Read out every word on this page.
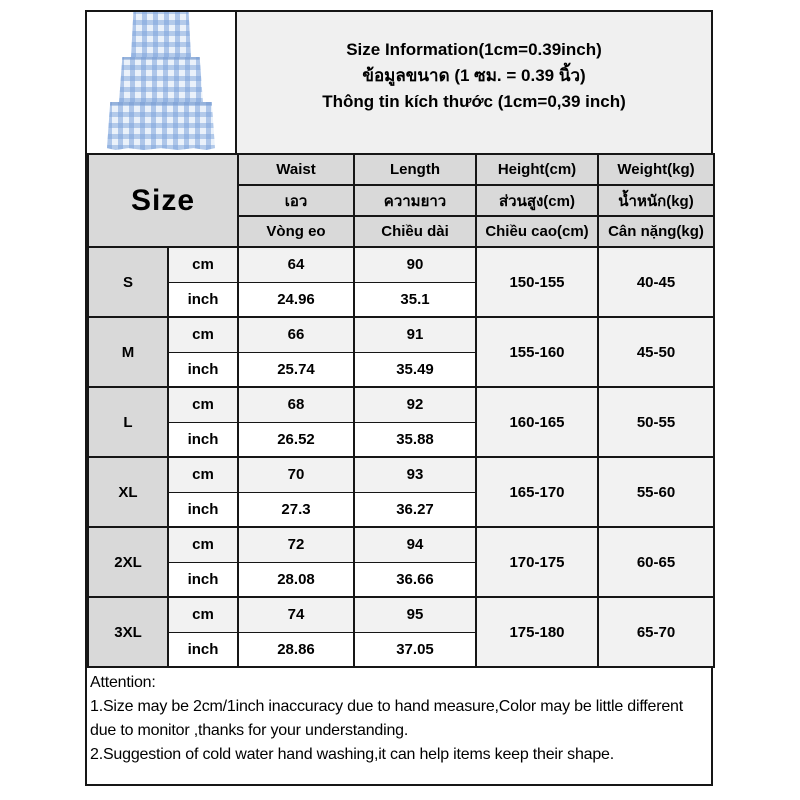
Size Information(1cm=0.39inch)
ข้อมูลขนาด (1 ซม. = 0.39 นิ้ว)
Thông tin kích thước (1cm=0,39 inch)
Size		Waist	Length	Height(cm)	Weight(kg)
		เอว	ความยาว	ส่วนสูง(cm)	น้ำหนัก(kg)
		Vòng eo	Chiều dài	Chiều cao(cm)	Cân nặng(kg)
S	cm	64	90	150-155	40-45
	inch	24.96	35.1		
M	cm	66	91	155-160	45-50
	inch	25.74	35.49		
L	cm	68	92	160-165	50-55
	inch	26.52	35.88		
XL	cm	70	93	165-170	55-60
	inch	27.3	36.27		
2XL	cm	72	94	170-175	60-65
	inch	28.08	36.66		
3XL	cm	74	95	175-180	65-70
	inch	28.86	37.05		
Attention:
1.Size may be 2cm/1inch inaccuracy due to hand measure,Color may be little different due to monitor ,thanks for your understanding.
2.Suggestion of cold water hand washing,it can help items keep their shape.
